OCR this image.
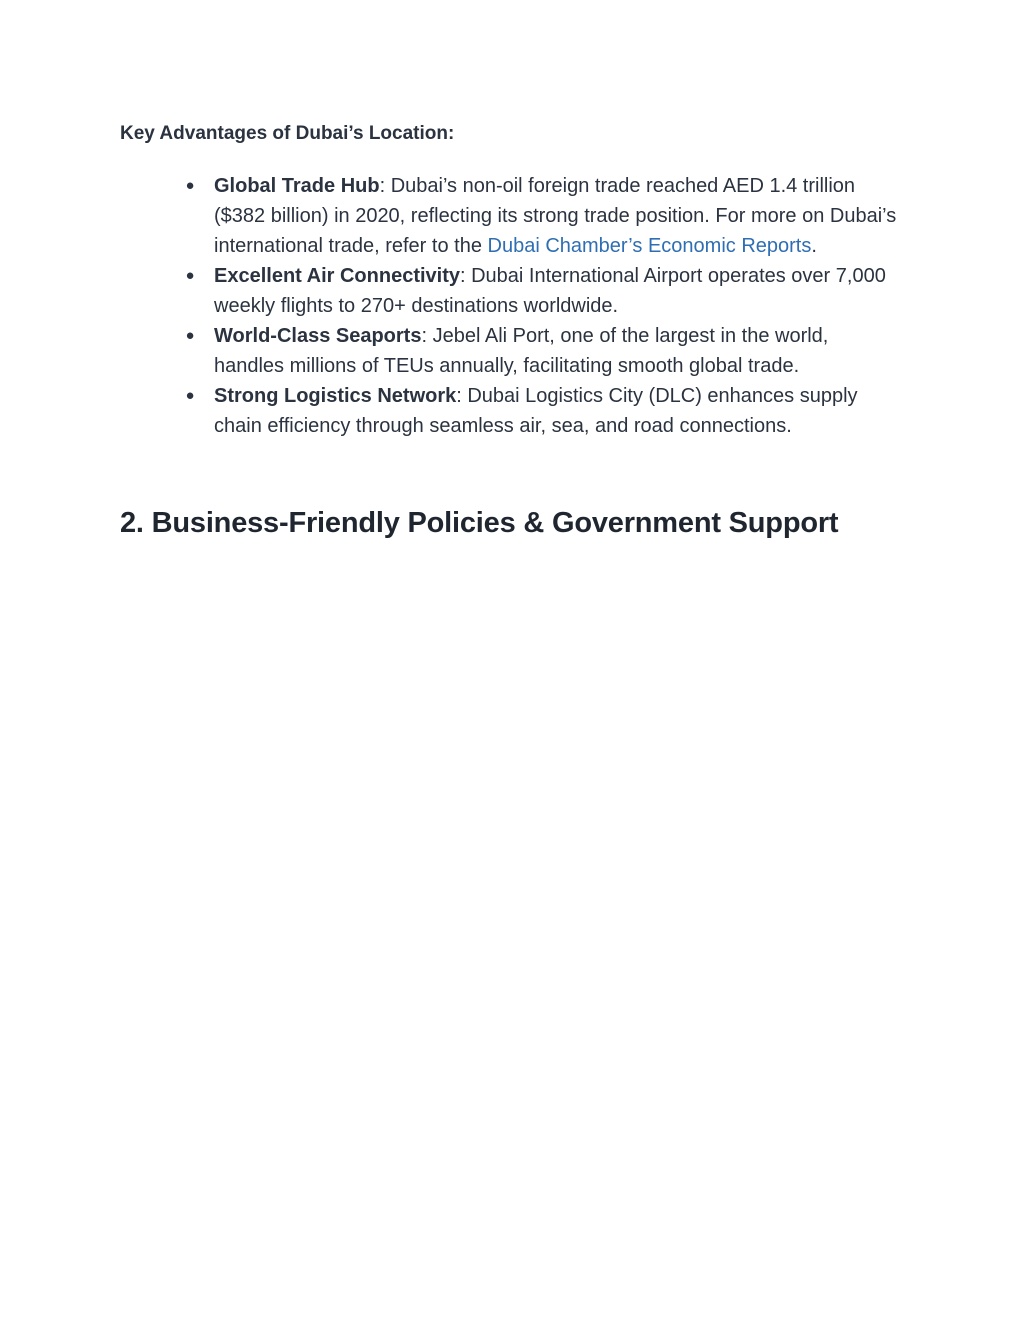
Key Advantages of Dubai’s Location:

● Global Trade Hub: Dubai’s non-oil foreign trade reached AED 1.4 trillion ($382 billion) in 2020, reflecting its strong trade position. For more on Dubai’s international trade, refer to the Dubai Chamber’s Economic Reports.
● Excellent Air Connectivity: Dubai International Airport operates over 7,000 weekly flights to 270+ destinations worldwide.
● World-Class Seaports: Jebel Ali Port, one of the largest in the world, handles millions of TEUs annually, facilitating smooth global trade.
● Strong Logistics Network: Dubai Logistics City (DLC) enhances supply chain efficiency through seamless air, sea, and road connections.
2. Business-Friendly Policies & Government Support
